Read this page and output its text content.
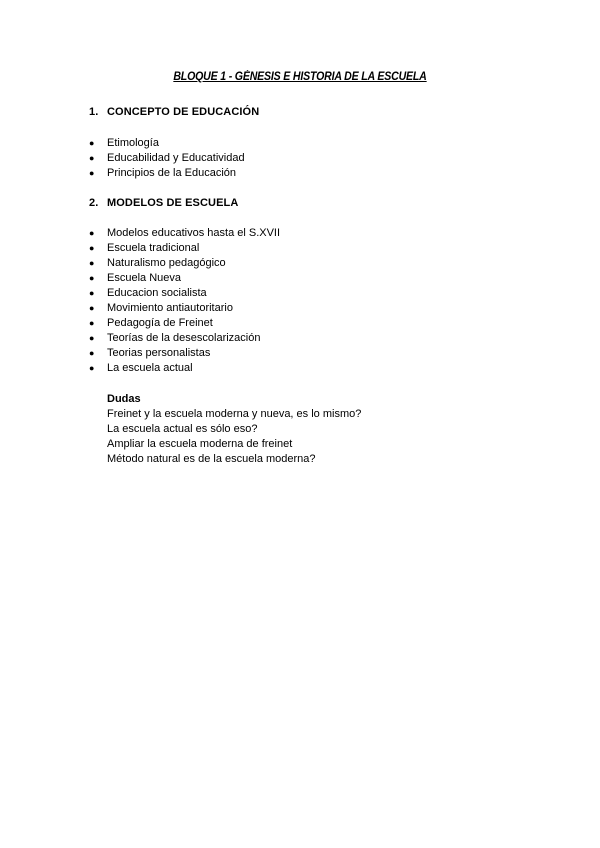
BLOQUE 1 - GÉNESIS E HISTORIA DE LA ESCUELA
1. CONCEPTO DE EDUCACIÓN
● Etimología
● Educabilidad y Educatividad
● Principios de la Educación
2. MODELOS DE ESCUELA
● Modelos educativos hasta el S.XVII
● Escuela tradicional
● Naturalismo pedagógico
● Escuela Nueva
● Educacion socialista
● Movimiento antiautoritario
● Pedagogía de Freinet
● Teorías de la desescolarización
● Teorias personalistas
● La escuela actual
Dudas
Freinet y la escuela moderna y nueva, es lo mismo?
La escuela actual es sólo eso?
Ampliar la escuela moderna de freinet
Método natural es de la escuela moderna?
